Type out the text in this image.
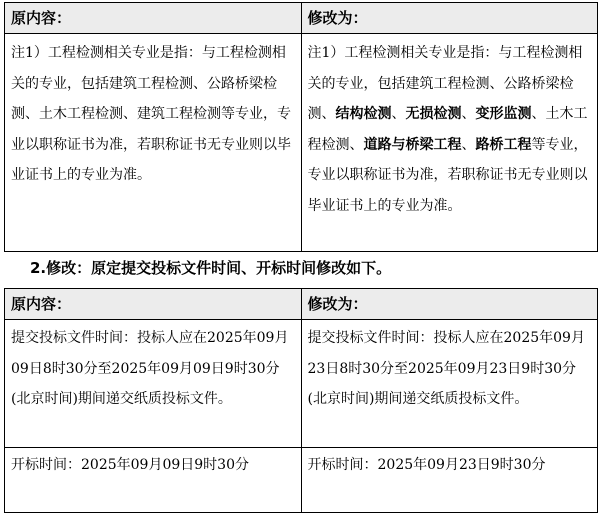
原内容：	修改为：
注1）工程检测相关专业是指：与工程检测相关的专业，包括建筑工程检测、公路桥梁检测、土木工程检测、建筑工程检测等专业，专业以职称证书为准，若职称证书无专业则以毕业证书上的专业为准。	注1）工程检测相关专业是指：与工程检测相关的专业，包括建筑工程检测、公路桥梁检测、结构检测、无损检测、变形监测、土木工程检测、道路与桥梁工程、路桥工程等专业，专业以职称证书为准，若职称证书无专业则以毕业证书上的专业为准。
2.修改：原定提交投标文件时间、开标时间修改如下。
原内容：	修改为：
提交投标文件时间：投标人应在2025年09月09日8时30分至2025年09月09日9时30分(北京时间)期间递交纸质投标文件。	提交投标文件时间：投标人应在2025年09月23日8时30分至2025年09月23日9时30分(北京时间)期间递交纸质投标文件。
开标时间：2025年09月09日9时30分	开标时间：2025年09月23日9时30分
